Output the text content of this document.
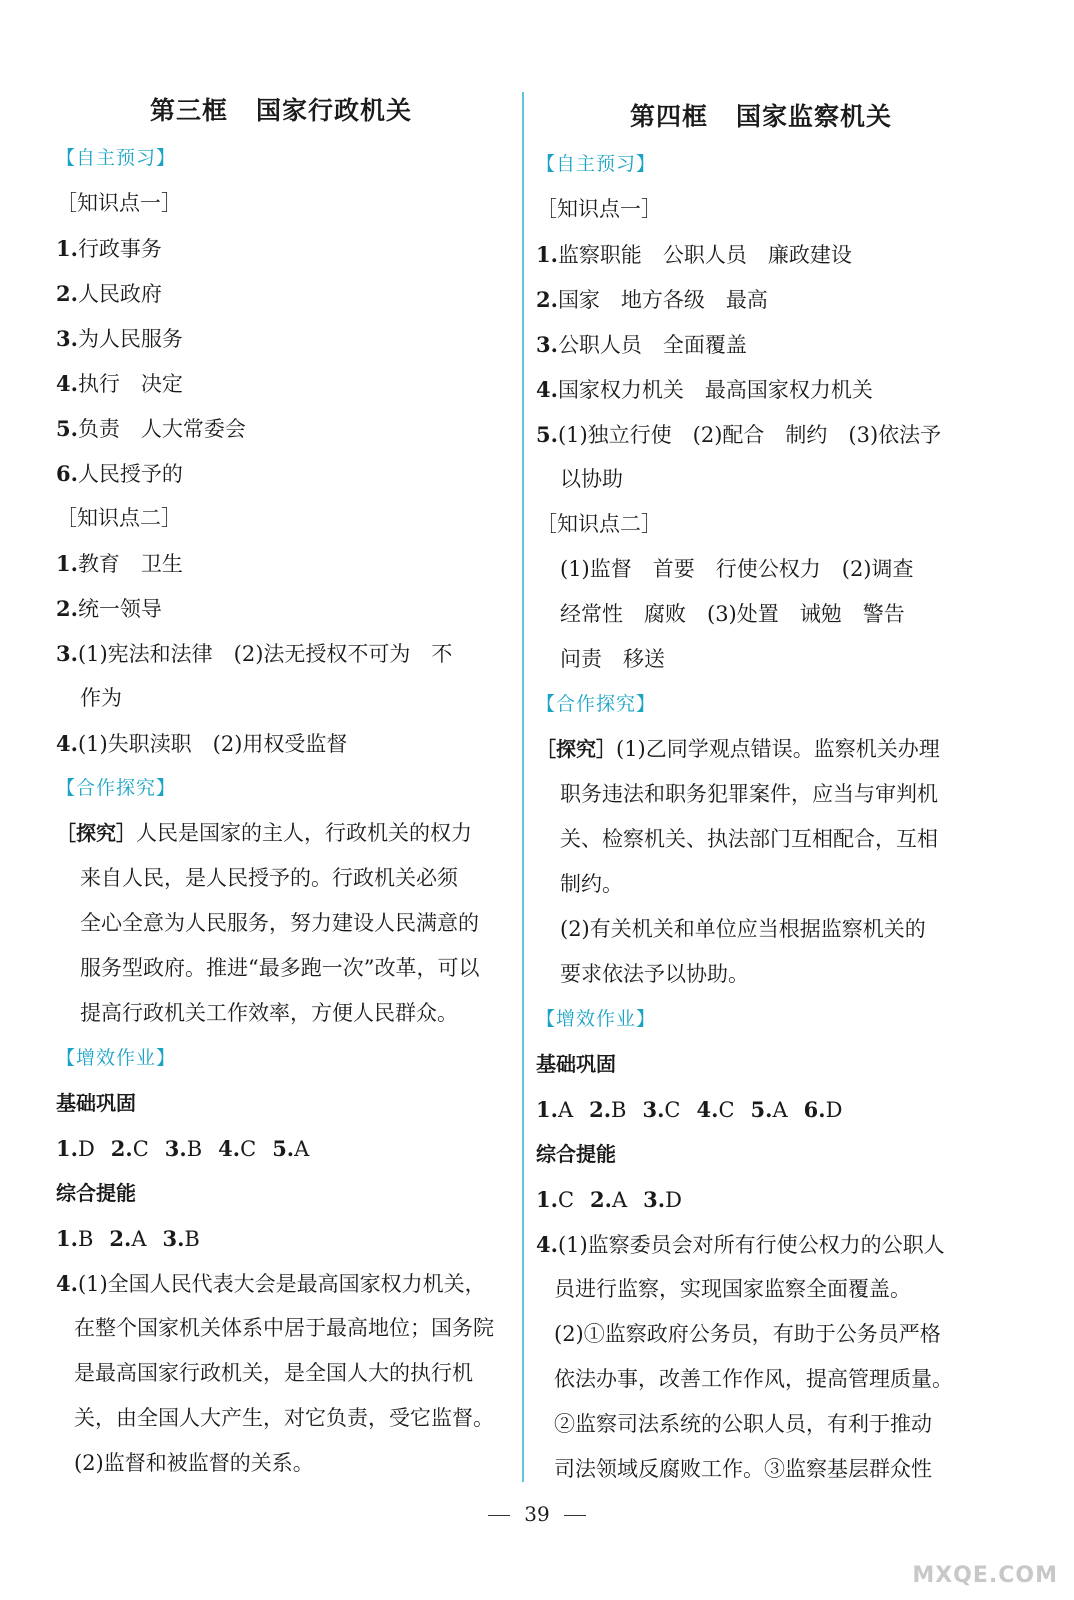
第三框 国家行政机关
【自主预习】
［知识点一］
1.行政事务
2.人民政府
3.为人民服务
4.执行　决定
5.负责　人大常委会
6.人民授予的
［知识点二］
1.教育　卫生
2.统一领导
3.(1)宪法和法律　(2)法无授权不可为　不
作为
4.(1)失职渎职　(2)用权受监督
【合作探究】
［探究］人民是国家的主人，行政机关的权力
来自人民，是人民授予的。行政机关必须
全心全意为人民服务，努力建设人民满意的
服务型政府。推进“最多跑一次”改革，可以
提高行政机关工作效率，方便人民群众。
【增效作业】
基础巩固
1.D 2.C 3.B 4.C 5.A
综合提能
1.B 2.A 3.B
4.(1)全国人民代表大会是最高国家权力机关，
在整个国家机关体系中居于最高地位；国务院
是最高国家行政机关，是全国人大的执行机
关，由全国人大产生，对它负责，受它监督。
(2)监督和被监督的关系。
第四框 国家监察机关
【自主预习】
［知识点一］
1.监察职能　公职人员　廉政建设
2.国家　地方各级　最高
3.公职人员　全面覆盖
4.国家权力机关　最高国家权力机关
5.(1)独立行使　(2)配合　制约　(3)依法予
以协助
［知识点二］
(1)监督　首要　行使公权力　(2)调查
经常性　腐败　(3)处置　诫勉　警告
问责　移送
【合作探究】
［探究］(1)乙同学观点错误。监察机关办理
职务违法和职务犯罪案件，应当与审判机
关、检察机关、执法部门互相配合，互相
制约。
(2)有关机关和单位应当根据监察机关的
要求依法予以协助。
【增效作业】
基础巩固
1.A 2.B 3.C 4.C 5.A 6.D
综合提能
1.C 2.A 3.D
4.(1)监察委员会对所有行使公权力的公职人
员进行监察，实现国家监察全面覆盖。
(2)①监察政府公务员，有助于公务员严格
依法办事，改善工作作风，提高管理质量。
②监察司法系统的公职人员，有利于推动
司法领域反腐败工作。③监察基层群众性
39
MXQE.COM
